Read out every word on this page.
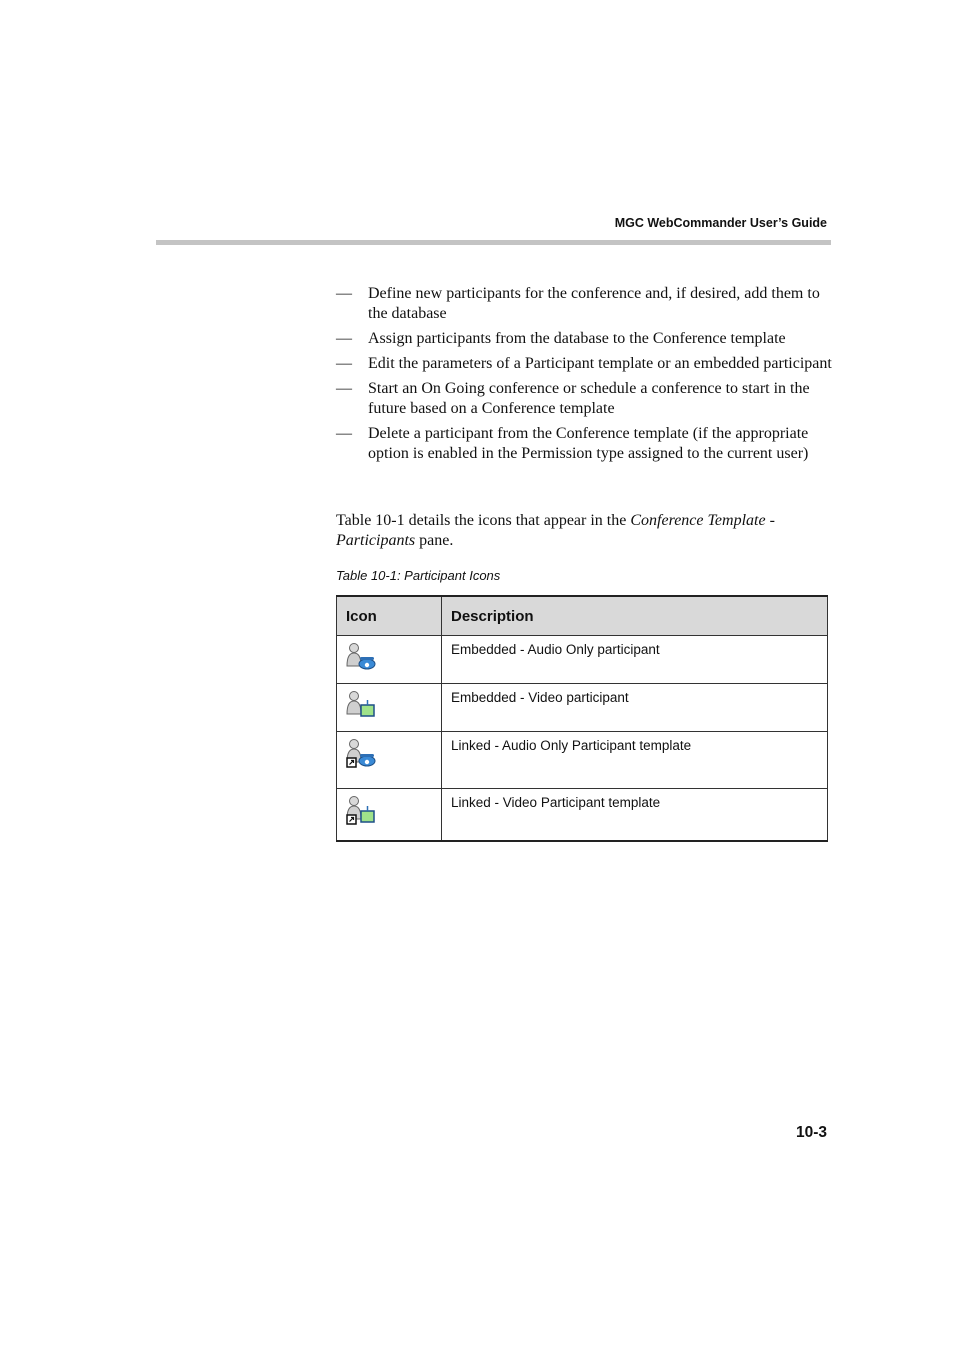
MGC WebCommander User’s Guide
—	Define new participants for the conference and, if desired, add them to the database
—	Assign participants from the database to the Conference template
—	Edit the parameters of a Participant template or an embedded participant
—	Start an On Going conference or schedule a conference to start in the future based on a Conference template
—	Delete a participant from the Conference template (if the appropriate option is enabled in the Permission type assigned to the current user)

Table 10-1 details the icons that appear in the Conference Template - Participants pane.

Table 10-1: Participant Icons
Icon	Description
	Embedded - Audio Only participant
	Embedded - Video participant
	Linked - Audio Only Participant template
	Linked - Video Participant template
10-3
